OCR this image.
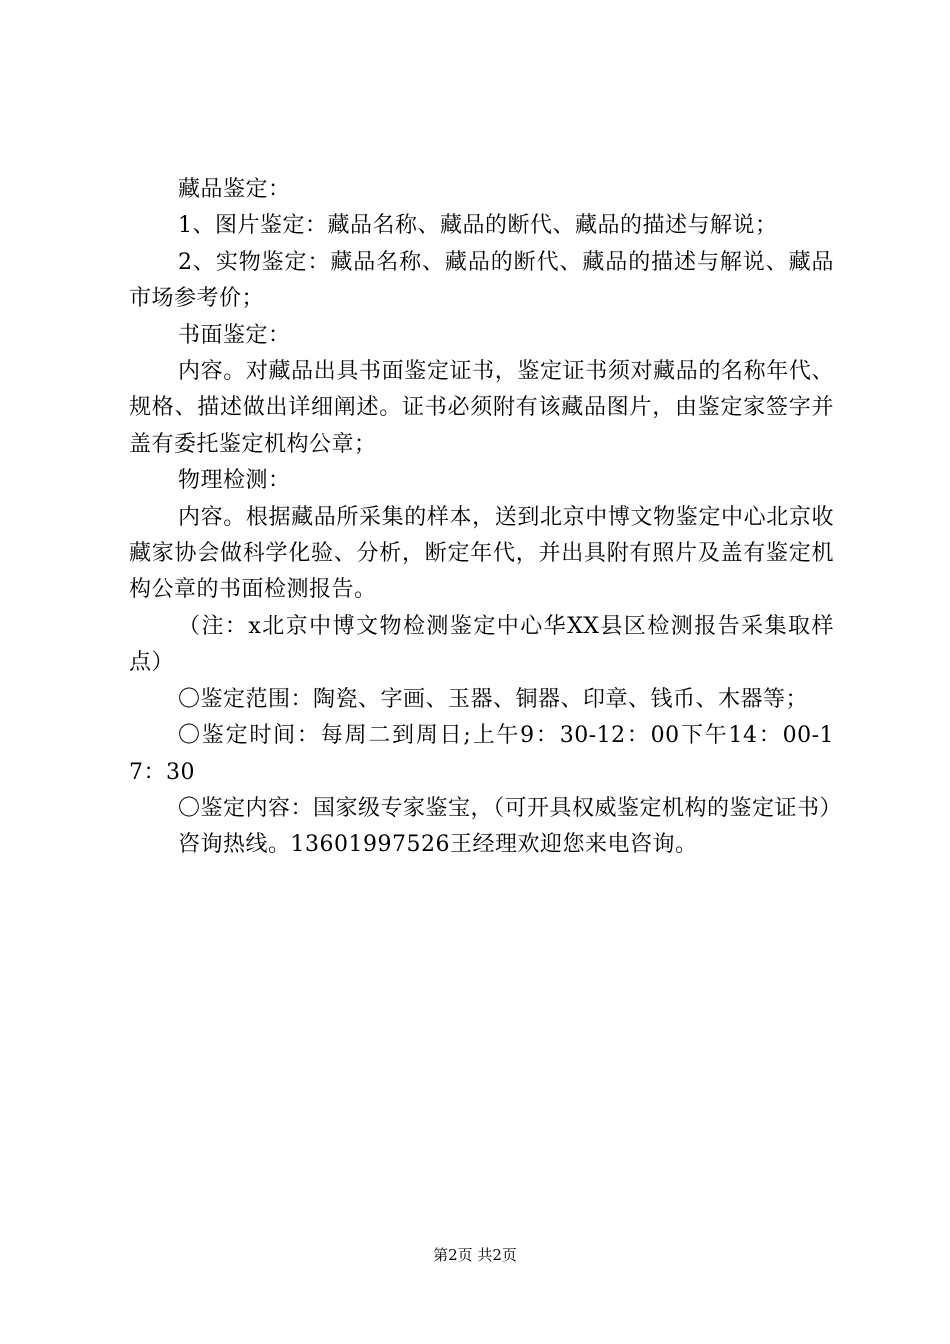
藏品鉴定：

1、图片鉴定：藏品名称、藏品的断代、藏品的描述与解说；

2、实物鉴定：藏品名称、藏品的断代、藏品的描述与解说、藏品市场参考价；

书面鉴定：

内容。对藏品出具书面鉴定证书，鉴定证书须对藏品的名称年代、规格、描述做出详细阐述。证书必须附有该藏品图片，由鉴定家签字并盖有委托鉴定机构公章；

物理检测：

内容。根据藏品所采集的样本，送到北京中博文物鉴定中心北京收藏家协会做科学化验、分析，断定年代，并出具附有照片及盖有鉴定机构公章的书面检测报告。

（注：x北京中博文物检测鉴定中心华XX县区检测报告采集取样点）

〇鉴定范围：陶瓷、字画、玉器、铜器、印章、钱币、木器等；

〇鉴定时间：每周二到周日;上午9：30-12：00下午14：00-17：30

〇鉴定内容：国家级专家鉴宝，（可开具权威鉴定机构的鉴定证书）

咨询热线。13601997526王经理欢迎您来电咨询。

第2页 共2页
